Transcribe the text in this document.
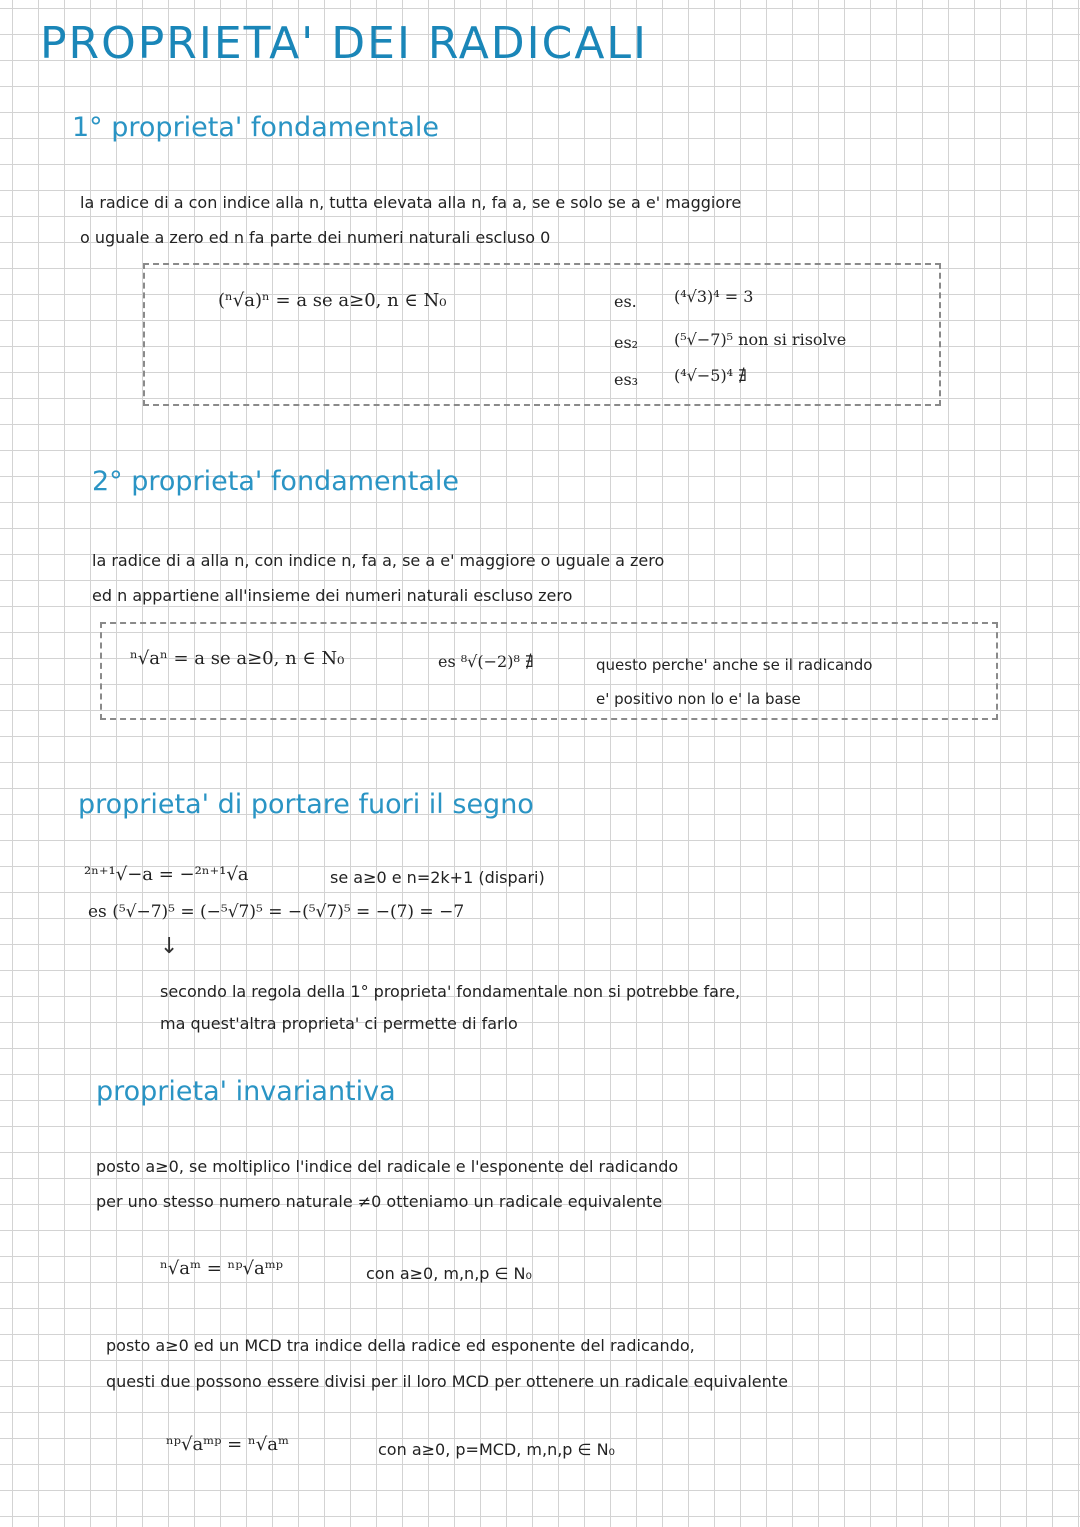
PROPRIETA' DEI RADICALI
1° proprieta' fondamentale
la radice di a con indice alla n, tutta elevata alla n, fa a, se e solo se a e' maggiore
o uguale a zero ed n fa parte dei numeri naturali escluso 0
(ⁿ√a)ⁿ = a se a≥0, n ∈ N₀	es. (⁴√3)⁴ = 3
es₂ (⁵√−7)⁵ non si risolve
es₃ (⁴√−5)⁴ ∄
2° proprieta' fondamentale
la radice di a alla n, con indice n, fa a, se a e' maggiore o uguale a zero
ed n appartiene all'insieme dei numeri naturali escluso zero
ⁿ√aⁿ = a se a≥0, n ∈ N₀	es ⁸√(−2)⁸ ∄	questo perche' anche se il radicando
e' positivo non lo e' la base
proprieta' di portare fuori il segno
²ⁿ⁺¹√−a = −²ⁿ⁺¹√a	se a≥0 e n=2k+1 (dispari)
es (⁵√−7)⁵ = (−⁵√7)⁵ = −(⁵√7)⁵ = −(7) = −7
↓
secondo la regola della 1° proprieta' fondamentale non si potrebbe fare,
ma quest'altra proprieta' ci permette di farlo
proprieta' invariantiva
posto a≥0, se moltiplico l'indice del radicale e l'esponente del radicando
per uno stesso numero naturale ≠0 otteniamo un radicale equivalente
ⁿ√aᵐ = ⁿᵖ√aᵐᵖ	con a≥0, m,n,p ∈ N₀
posto a≥0 ed un MCD tra indice della radice ed esponente del radicando,
questi due possono essere divisi per il loro MCD per ottenere un radicale equivalente
ⁿᵖ√aᵐᵖ = ⁿ√aᵐ	con a≥0, p=MCD, m,n,p ∈ N₀
